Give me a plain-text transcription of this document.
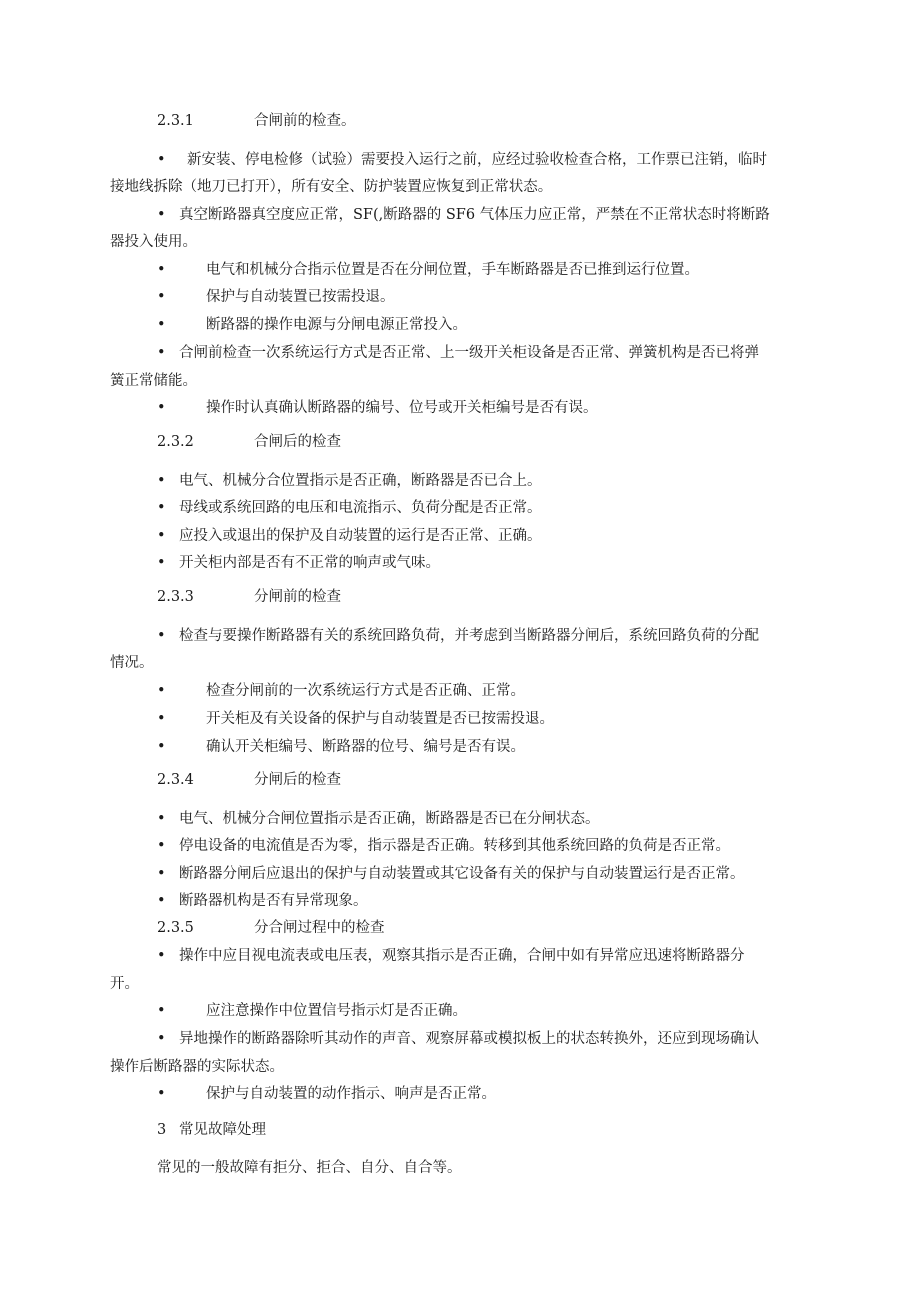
2.3.1	合闸前的检查。
• 新安装、停电检修（试验）需要投入运行之前，应经过验收检查合格，工作票已注销，临时
接地线拆除（地刀已打开），所有安全、防护装置应恢复到正常状态。
• 真空断路器真空度应正常，SF(,断路器的 SF6 气体压力应正常，严禁在不正常状态时将断路
器投入使用。
•	电气和机械分合指示位置是否在分闸位置，手车断路器是否已推到运行位置。
•	保护与自动装置已按需投退。
•	断路器的操作电源与分闸电源正常投入。
• 合闸前检查一次系统运行方式是否正常、上一级开关柜设备是否正常、弹簧机构是否已将弹
簧正常储能。
•	操作时认真确认断路器的编号、位号或开关柜编号是否有误。
2.3.2	合闸后的检查
• 电气、机械分合位置指示是否正确，断路器是否已合上。
• 母线或系统回路的电压和电流指示、负荷分配是否正常。
• 应投入或退出的保护及自动装置的运行是否正常、正确。
• 开关柜内部是否有不正常的响声或气味。
2.3.3	分闸前的检查
• 检查与要操作断路器有关的系统回路负荷，并考虑到当断路器分闸后，系统回路负荷的分配
情况。
•	检查分闸前的一次系统运行方式是否正确、正常。
•	开关柜及有关设备的保护与自动装置是否已按需投退。
•	确认开关柜编号、断路器的位号、编号是否有误。
2.3.4	分闸后的检查
• 电气、机械分合闸位置指示是否正确，断路器是否已在分闸状态。
• 停电设备的电流值是否为零，指示器是否正确。转移到其他系统回路的负荷是否正常。
• 断路器分闸后应退出的保护与自动装置或其它设备有关的保护与自动装置运行是否正常。
• 断路器机构是否有异常现象。
2.3.5	分合闸过程中的检查
• 操作中应目视电流表或电压表，观察其指示是否正确，合闸中如有异常应迅速将断路器分
开。
•	应注意操作中位置信号指示灯是否正确。
• 异地操作的断路器除听其动作的声音、观察屏幕或模拟板上的状态转换外，还应到现场确认
操作后断路器的实际状态。
•	保护与自动装置的动作指示、响声是否正常。
3 常见故障处理
常见的一般故障有拒分、拒合、自分、自合等。
